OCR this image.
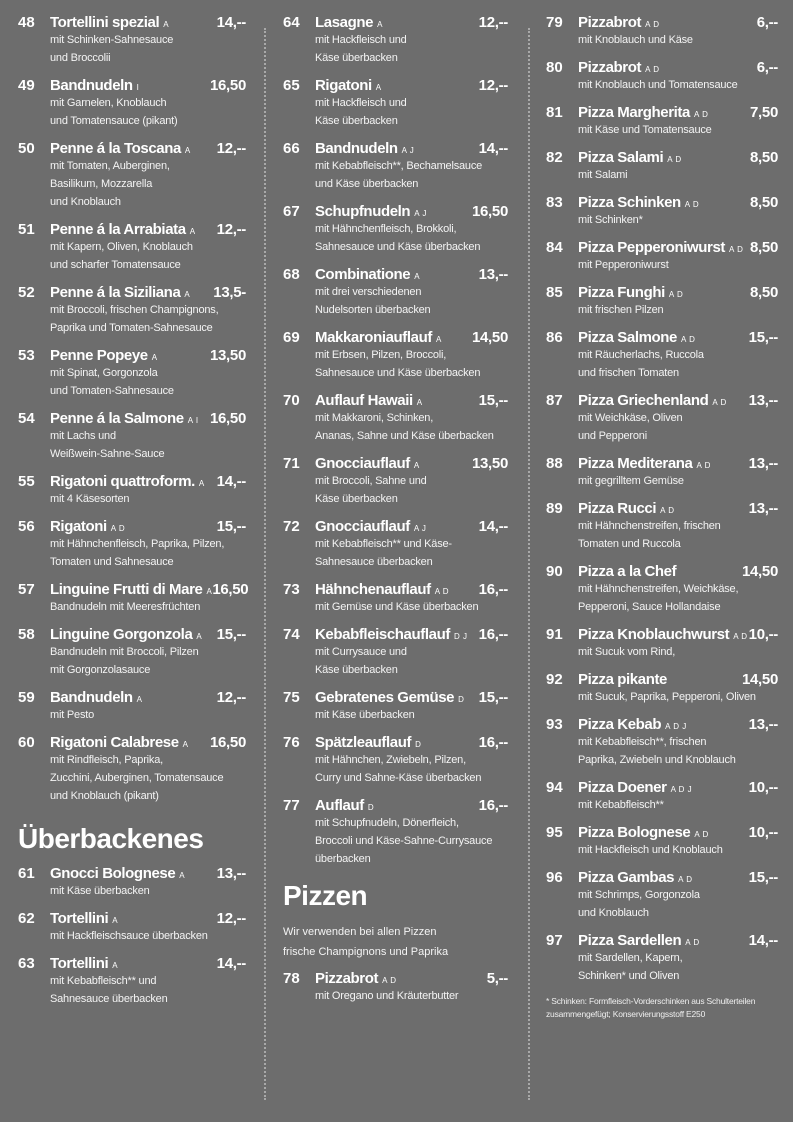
48	Tortellini spezial A	14,--
mit Schinken-Sahnesauce
und Broccolii
49	Bandnudeln I	16,50
mit Garnelen, Knoblauch
und Tomatensauce (pikant)
50	Penne á la Toscana A 12,--
mit Tomaten, Auberginen,
Basilikum, Mozzarella
und Knoblauch
51	Penne á la Arrabiata A 12,--
mit Kapern, Oliven, Knoblauch
und scharfer Tomatensauce
52	Penne á la Siziliana A 13,5-
mit Broccoli, frischen Champignons,
Paprika und Tomaten-Sahnesauce
53	Penne Popeye A	13,50
mit Spinat, Gorgonzola
und Tomaten-Sahnesauce
54	Penne á la Salmone A I 16,50
mit Lachs und
Weißwein-Sahne-Sauce
55	Rigatoni quattroform. A 14,--
mit 4 Käsesorten
56	Rigatoni A D	15,--
mit Hähnchenfleisch, Paprika, Pilzen,
Tomaten und Sahnesauce
57	Linguine Frutti di Mare A 16,50
Bandnudeln mit Meeresfrüchten
58	Linguine Gorgonzola A 15,--
Bandnudeln mit Broccoli, Pilzen
mit Gorgonzolasauce
59	Bandnudeln A	12,--
mit Pesto
60	Rigatoni Calabrese A 16,50
mit Rindfleisch, Paprika,
Zucchini, Auberginen, Tomatensauce
und Knoblauch (pikant)
Überbackenes
61	Gnocci Bolognese A 13,--
mit Käse überbacken
62	Tortellini A	12,--
mit Hackfleischsauce überbacken
63	Tortellini A	14,--
mit Kebabfleisch** und
Sahnesauce überbacken
64	Lasagne A	12,--
mit Hackfleisch und
Käse überbacken
65	Rigatoni A	12,--
mit Hackfleisch und
Käse überbacken
66	Bandnudeln A J	14,--
mit Kebabfleisch**, Bechamelsauce
und Käse überbacken
67	Schupfnudeln A J	16,50
mit Hähnchenfleisch, Brokkoli,
Sahnesauce und Käse überbacken
68	Combinatione A	13,--
mit drei verschiedenen
Nudelsorten überbacken
69	Makkaroniauflauf A 14,50
mit Erbsen, Pilzen, Broccoli,
Sahnesauce und Käse überbacken
70	Auflauf Hawaii A	15,--
mit Makkaroni, Schinken,
Ananas, Sahne und Käse überbacken
71	Gnocciauflauf A	13,50
mit Broccoli, Sahne und
Käse überbacken
72	Gnocciauflauf A J	14,--
mit Kebabfleisch** und Käse-
Sahnesauce überbacken
73	Hähnchenauflauf A D 16,--
mit Gemüse und Käse überbacken
74	Kebabfleischauflauf D J 16,--
mit Currysauce und
Käse überbacken
75	Gebratenes Gemüse D 15,--
mit Käse überbacken
76	Spätzleauflauf D	16,--
mit Hähnchen, Zwiebeln, Pilzen,
Curry und Sahne-Käse überbacken
77	Auflauf D	16,--
mit Schupfnudeln, Dönerfleich,
Broccoli und Käse-Sahne-Currysauce
überbacken
Pizzen
Wir verwenden bei allen Pizzen
frische Champignons und Paprika
78	Pizzabrot A D	5,--
mit Oregano und Kräuterbutter
79	Pizzabrot A D	6,--
mit Knoblauch und Käse
80	Pizzabrot A D	6,--
mit Knoblauch und Tomatensauce
81	Pizza Margherita A D	7,50
mit Käse und Tomatensauce
82	Pizza Salami A D	8,50
mit Salami
83	Pizza Schinken A D	8,50
mit Schinken*
84	Pizza Pepperoniwurst A D 8,50
mit Pepperoniwurst
85	Pizza Funghi A D	8,50
mit frischen Pilzen
86	Pizza Salmone A D	15,--
mit Räucherlachs, Ruccola
und frischen Tomaten
87	Pizza Griechenland A D 13,--
mit Weichkäse, Oliven
und Pepperoni
88	Pizza Mediterana A D	13,--
mit gegrilltem Gemüse
89	Pizza Rucci A D	13,--
mit Hähnchenstreifen, frischen
Tomaten und Ruccola
90	Pizza a la Chef	14,50
mit Hähnchenstreifen, Weichkäse,
Pepperoni, Sauce Hollandaise
91	Pizza Knoblauchwurst A D 10,--
mit Sucuk vom Rind,
92	Pizza pikante	14,50
mit Sucuk, Paprika, Pepperoni, Oliven
93	Pizza Kebab A D J	13,--
mit Kebabfleisch**, frischen
Paprika, Zwiebeln und Knoblauch
94	Pizza Doener A D J	10,--
mit Kebabfleisch**
95	Pizza Bolognese A D	10,--
mit Hackfleisch und Knoblauch
96	Pizza Gambas A D	15,--
mit Schrimps, Gorgonzola
und Knoblauch
97	Pizza Sardellen A D	14,--
mit Sardellen, Kapern,
Schinken* und Oliven
* Schinken: Formfleisch-Vorderschinken aus Schulterteilen
zusammengefügt; Konservierungsstoff E250
